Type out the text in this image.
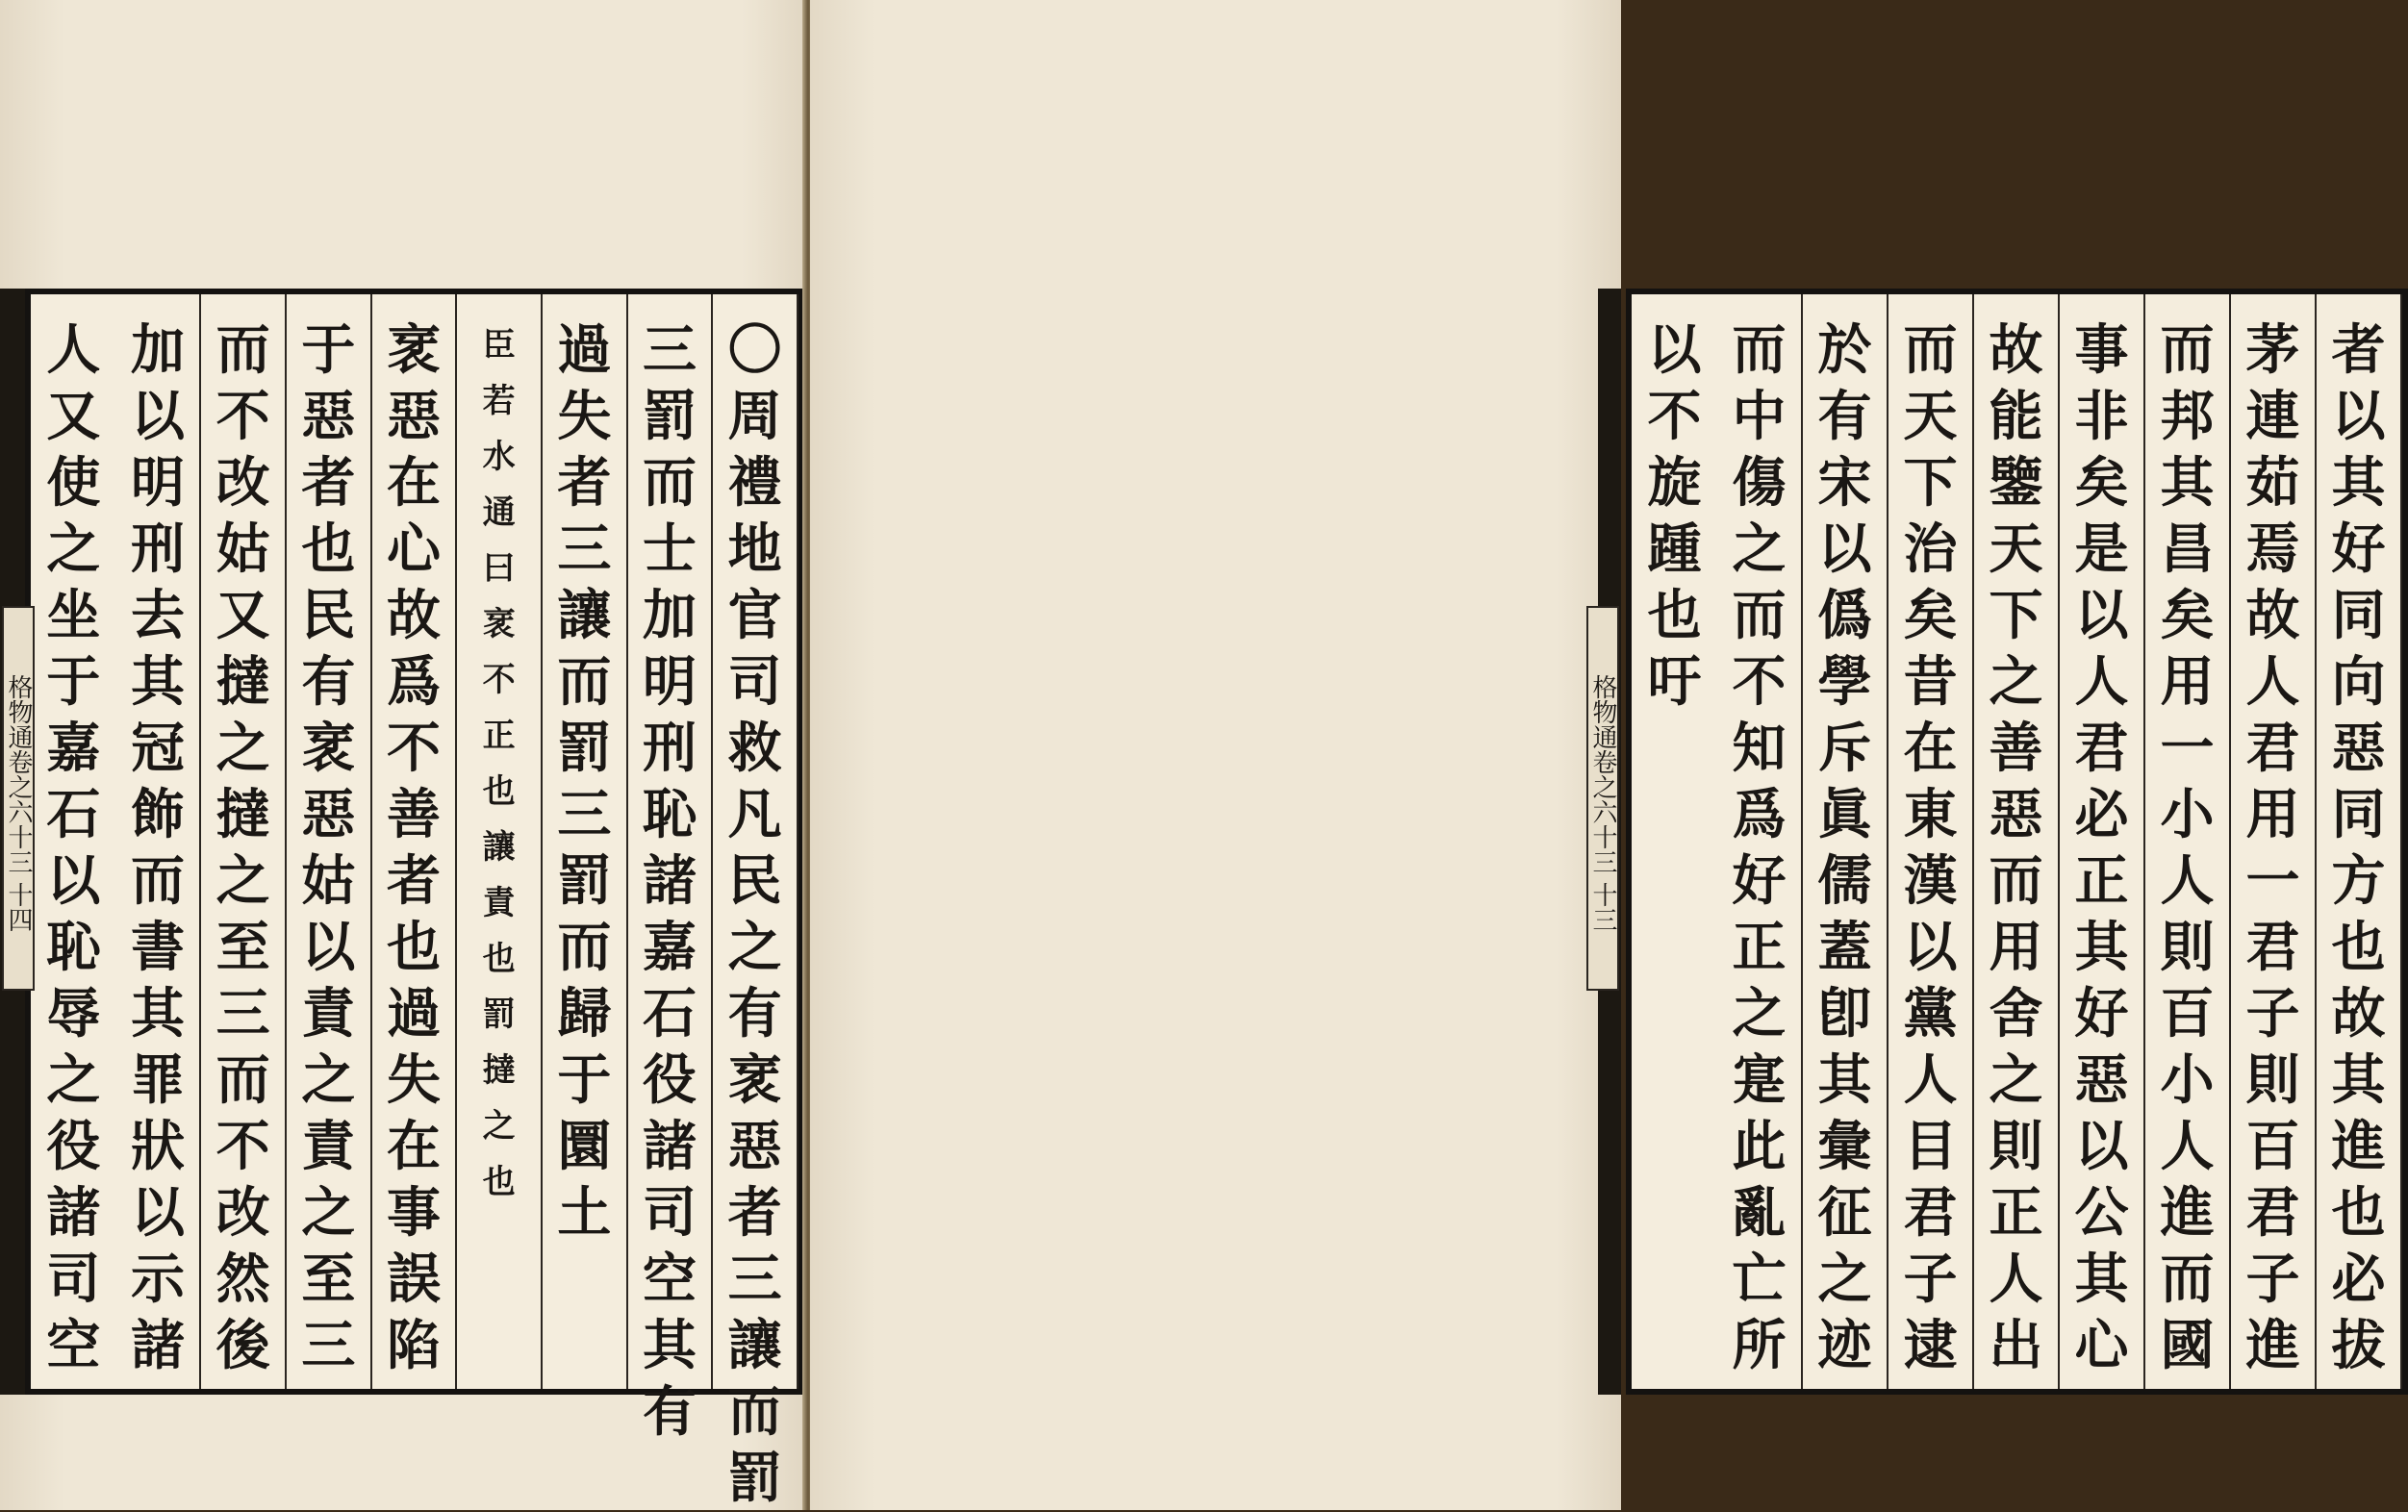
〇
周
禮
地
官
司
救
凡
民
之
有
衺
惡
者
三
讓
而
罰
三
罰
而
士
加
明
刑
恥
諸
嘉
石
役
諸
司
空
其
有
過
失
者
三
讓
而
罰
三
罰
而
歸
于
圜
土
臣
若
水
通
曰
衺
不
正
也
讓
責
也
罰
撻
之
也
衺
惡
在
心
故
爲
不
善
者
也
過
失
在
事
誤
陷
于
惡
者
也
民
有
衺
惡
姑
以
責
之
責
之
至
三
而
不
改
姑
又
撻
之
撻
之
至
三
而
不
改
然
後
加
以
明
刑
去
其
冠
飾
而
書
其
罪
狀
以
示
諸
人
又
使
之
坐
于
嘉
石
以
恥
辱
之
役
諸
司
空
格物通卷之六十三 十四
者
以
其
好
同
向
惡
同
方
也
故
其
進
也
必
拔
茅
連
茹
焉
故
人
君
用
一
君
子
則
百
君
子
進
而
邦
其
昌
矣
用
一
小
人
則
百
小
人
進
而
國
事
非
矣
是
以
人
君
必
正
其
好
惡
以
公
其
心
故
能
鑒
天
下
之
善
惡
而
用
舍
之
則
正
人
出
而
天
下
治
矣
昔
在
東
漢
以
黨
人
目
君
子
逮
於
有
宋
以
僞
學
斥
眞
儒
蓋
卽
其
彙
征
之
迹
而
中
傷
之
而
不
知
爲
好
正
之
寔
此
亂
亡
所
以
不
旋
踵
也
吁
格物通卷之六十三 十三
